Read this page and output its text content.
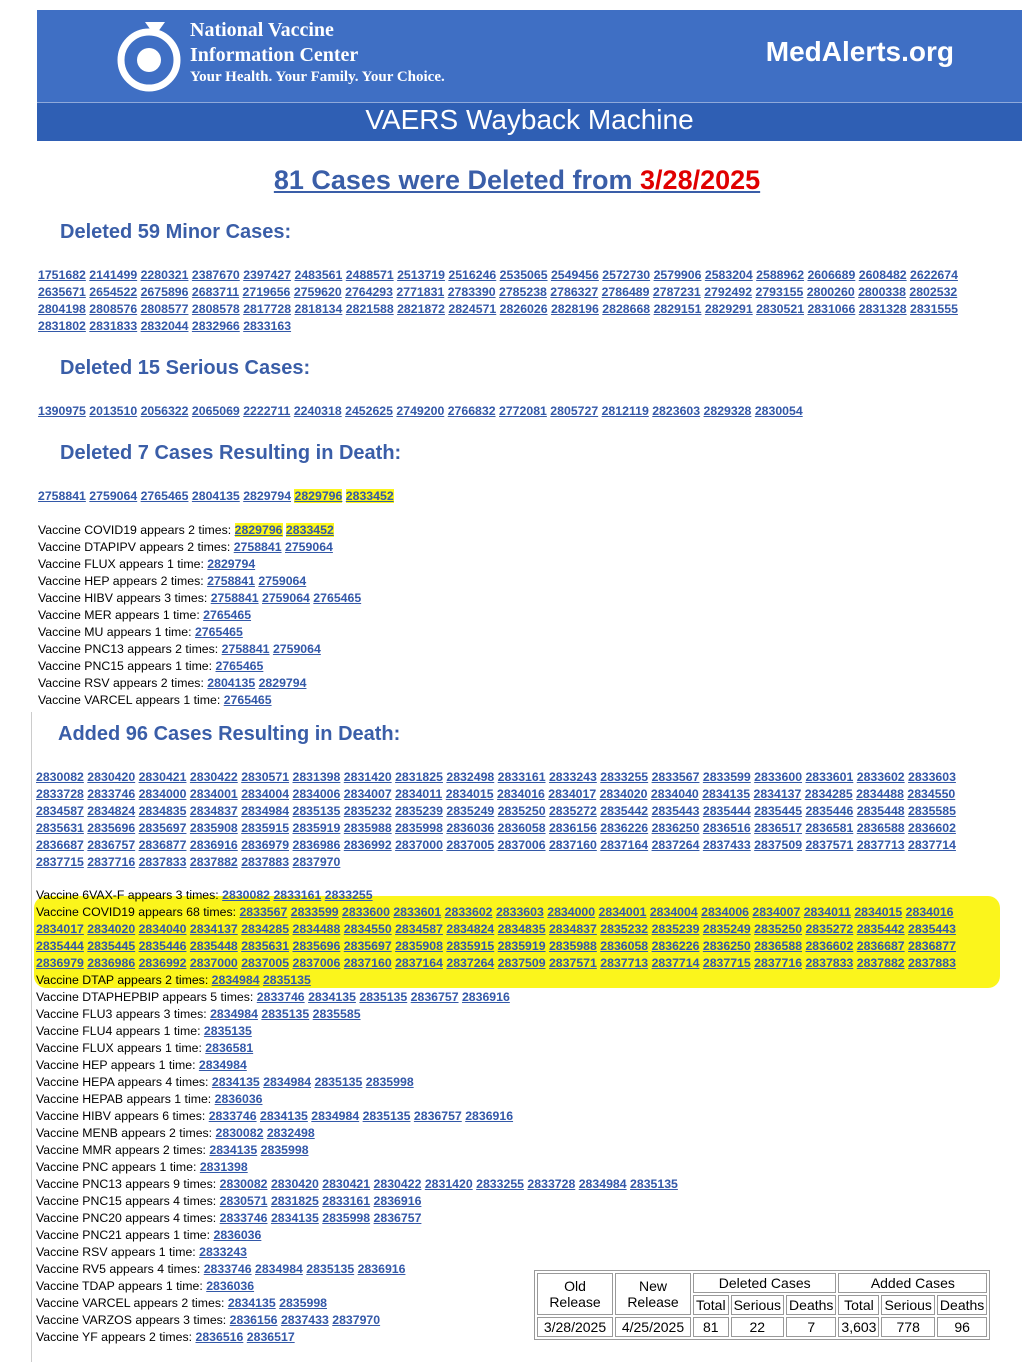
National Vaccine
Information Center
Your Health. Your Family. Your Choice.
MedAlerts.org
VAERS Wayback Machine
81 Cases were Deleted from 3/28/2025
Deleted 59 Minor Cases:
Deleted 15 Serious Cases:
Deleted 7 Cases Resulting in Death:
Added 96 Cases Resulting in Death:
1751682 2141499 2280321 2387670 2397427 2483561 2488571 2513719 2516246 2535065 2549456 2572730 2579906 2583204 2588962 2606689 2608482 2622674 2635671 2654522 2675896 2683711 2719656 2759620 2764293 2771831 2783390 2785238 2786327 2786489 2787231 2792492 2793155 2800260 2800338 2802532 2804198 2808576 2808577 2808578 2817728 2818134 2821588 2821872 2824571 2826026 2828196 2828668 2829151 2829291 2830521 2831066 2831328 2831555 2831802 2831833 2832044 2832966 2833163
1390975 2013510 2056322 2065069 2222711 2240318 2452625 2749200 2766832 2772081 2805727 2812119 2823603 2829328 2830054
2758841 2759064 2765465 2804135 2829794 2829796 2833452
Vaccine COVID19 appears 2 times: 2829796 2833452
Vaccine DTAPIPV appears 2 times: 2758841 2759064
Vaccine FLUX appears 1 time: 2829794
Vaccine HEP appears 2 times: 2758841 2759064
Vaccine HIBV appears 3 times: 2758841 2759064 2765465
Vaccine MER appears 1 time: 2765465
Vaccine MU appears 1 time: 2765465
Vaccine PNC13 appears 2 times: 2758841 2759064
Vaccine PNC15 appears 1 time: 2765465
Vaccine RSV appears 2 times: 2804135 2829794
Vaccine VARCEL appears 1 time: 2765465
2830082 2830420 2830421 2830422 2830571 2831398 2831420 2831825 2832498 2833161 2833243 2833255 2833567 2833599 2833600 2833601 2833602 2833603 2833728 2833746 2834000 2834001 2834004 2834006 2834007 2834011 2834015 2834016 2834017 2834020 2834040 2834135 2834137 2834285 2834488 2834550 2834587 2834824 2834835 2834837 2834984 2835135 2835232 2835239 2835249 2835250 2835272 2835442 2835443 2835444 2835445 2835446 2835448 2835585 2835631 2835696 2835697 2835908 2835915 2835919 2835988 2835998 2836036 2836058 2836156 2836226 2836250 2836516 2836517 2836581 2836588 2836602 2836687 2836757 2836877 2836916 2836979 2836986 2836992 2837000 2837005 2837006 2837160 2837164 2837264 2837433 2837509 2837571 2837713 2837714 2837715 2837716 2837833 2837882 2837883 2837970
Vaccine 6VAX-F appears 3 times: 2830082 2833161 2833255
Vaccine COVID19 appears 68 times: 2833567 2833599 2833600 2833601 2833602 2833603 2834000 2834001 2834004 2834006 2834007 2834011 2834015 2834016 2834017 2834020 2834040 2834137 2834285 2834488 2834550 2834587 2834824 2834835 2834837 2835232 2835239 2835249 2835250 2835272 2835442 2835443 2835444 2835445 2835446 2835448 2835631 2835696 2835697 2835908 2835915 2835919 2835988 2836058 2836226 2836250 2836588 2836602 2836687 2836877 2836979 2836986 2836992 2837000 2837005 2837006 2837160 2837164 2837264 2837509 2837571 2837713 2837714 2837715 2837716 2837833 2837882 2837883
Vaccine DTAP appears 2 times: 2834984 2835135
Vaccine DTAPHEPBIP appears 5 times: 2833746 2834135 2835135 2836757 2836916
Vaccine FLU3 appears 3 times: 2834984 2835135 2835585
Vaccine FLU4 appears 1 time: 2835135
Vaccine FLUX appears 1 time: 2836581
Vaccine HEP appears 1 time: 2834984
Vaccine HEPA appears 4 times: 2834135 2834984 2835135 2835998
Vaccine HEPAB appears 1 time: 2836036
Vaccine HIBV appears 6 times: 2833746 2834135 2834984 2835135 2836757 2836916
Vaccine MENB appears 2 times: 2830082 2832498
Vaccine MMR appears 2 times: 2834135 2835998
Vaccine PNC appears 1 time: 2831398
Vaccine PNC13 appears 9 times: 2830082 2830420 2830421 2830422 2831420 2833255 2833728 2834984 2835135
Vaccine PNC15 appears 4 times: 2830571 2831825 2833161 2836916
Vaccine PNC20 appears 4 times: 2833746 2834135 2835998 2836757
Vaccine PNC21 appears 1 time: 2836036
Vaccine RSV appears 1 time: 2833243
Vaccine RV5 appears 4 times: 2833746 2834984 2835135 2836916
Vaccine TDAP appears 1 time: 2836036
Vaccine VARCEL appears 2 times: 2834135 2835998
Vaccine VARZOS appears 3 times: 2836156 2837433 2837970
Vaccine YF appears 2 times: 2836516 2836517
Old Release	New Release	Deleted Cases			Added Cases		
		Total	Serious	Deaths	Total	Serious	Deaths
3/28/2025	4/25/2025	81	22	7	3,603	778	96
